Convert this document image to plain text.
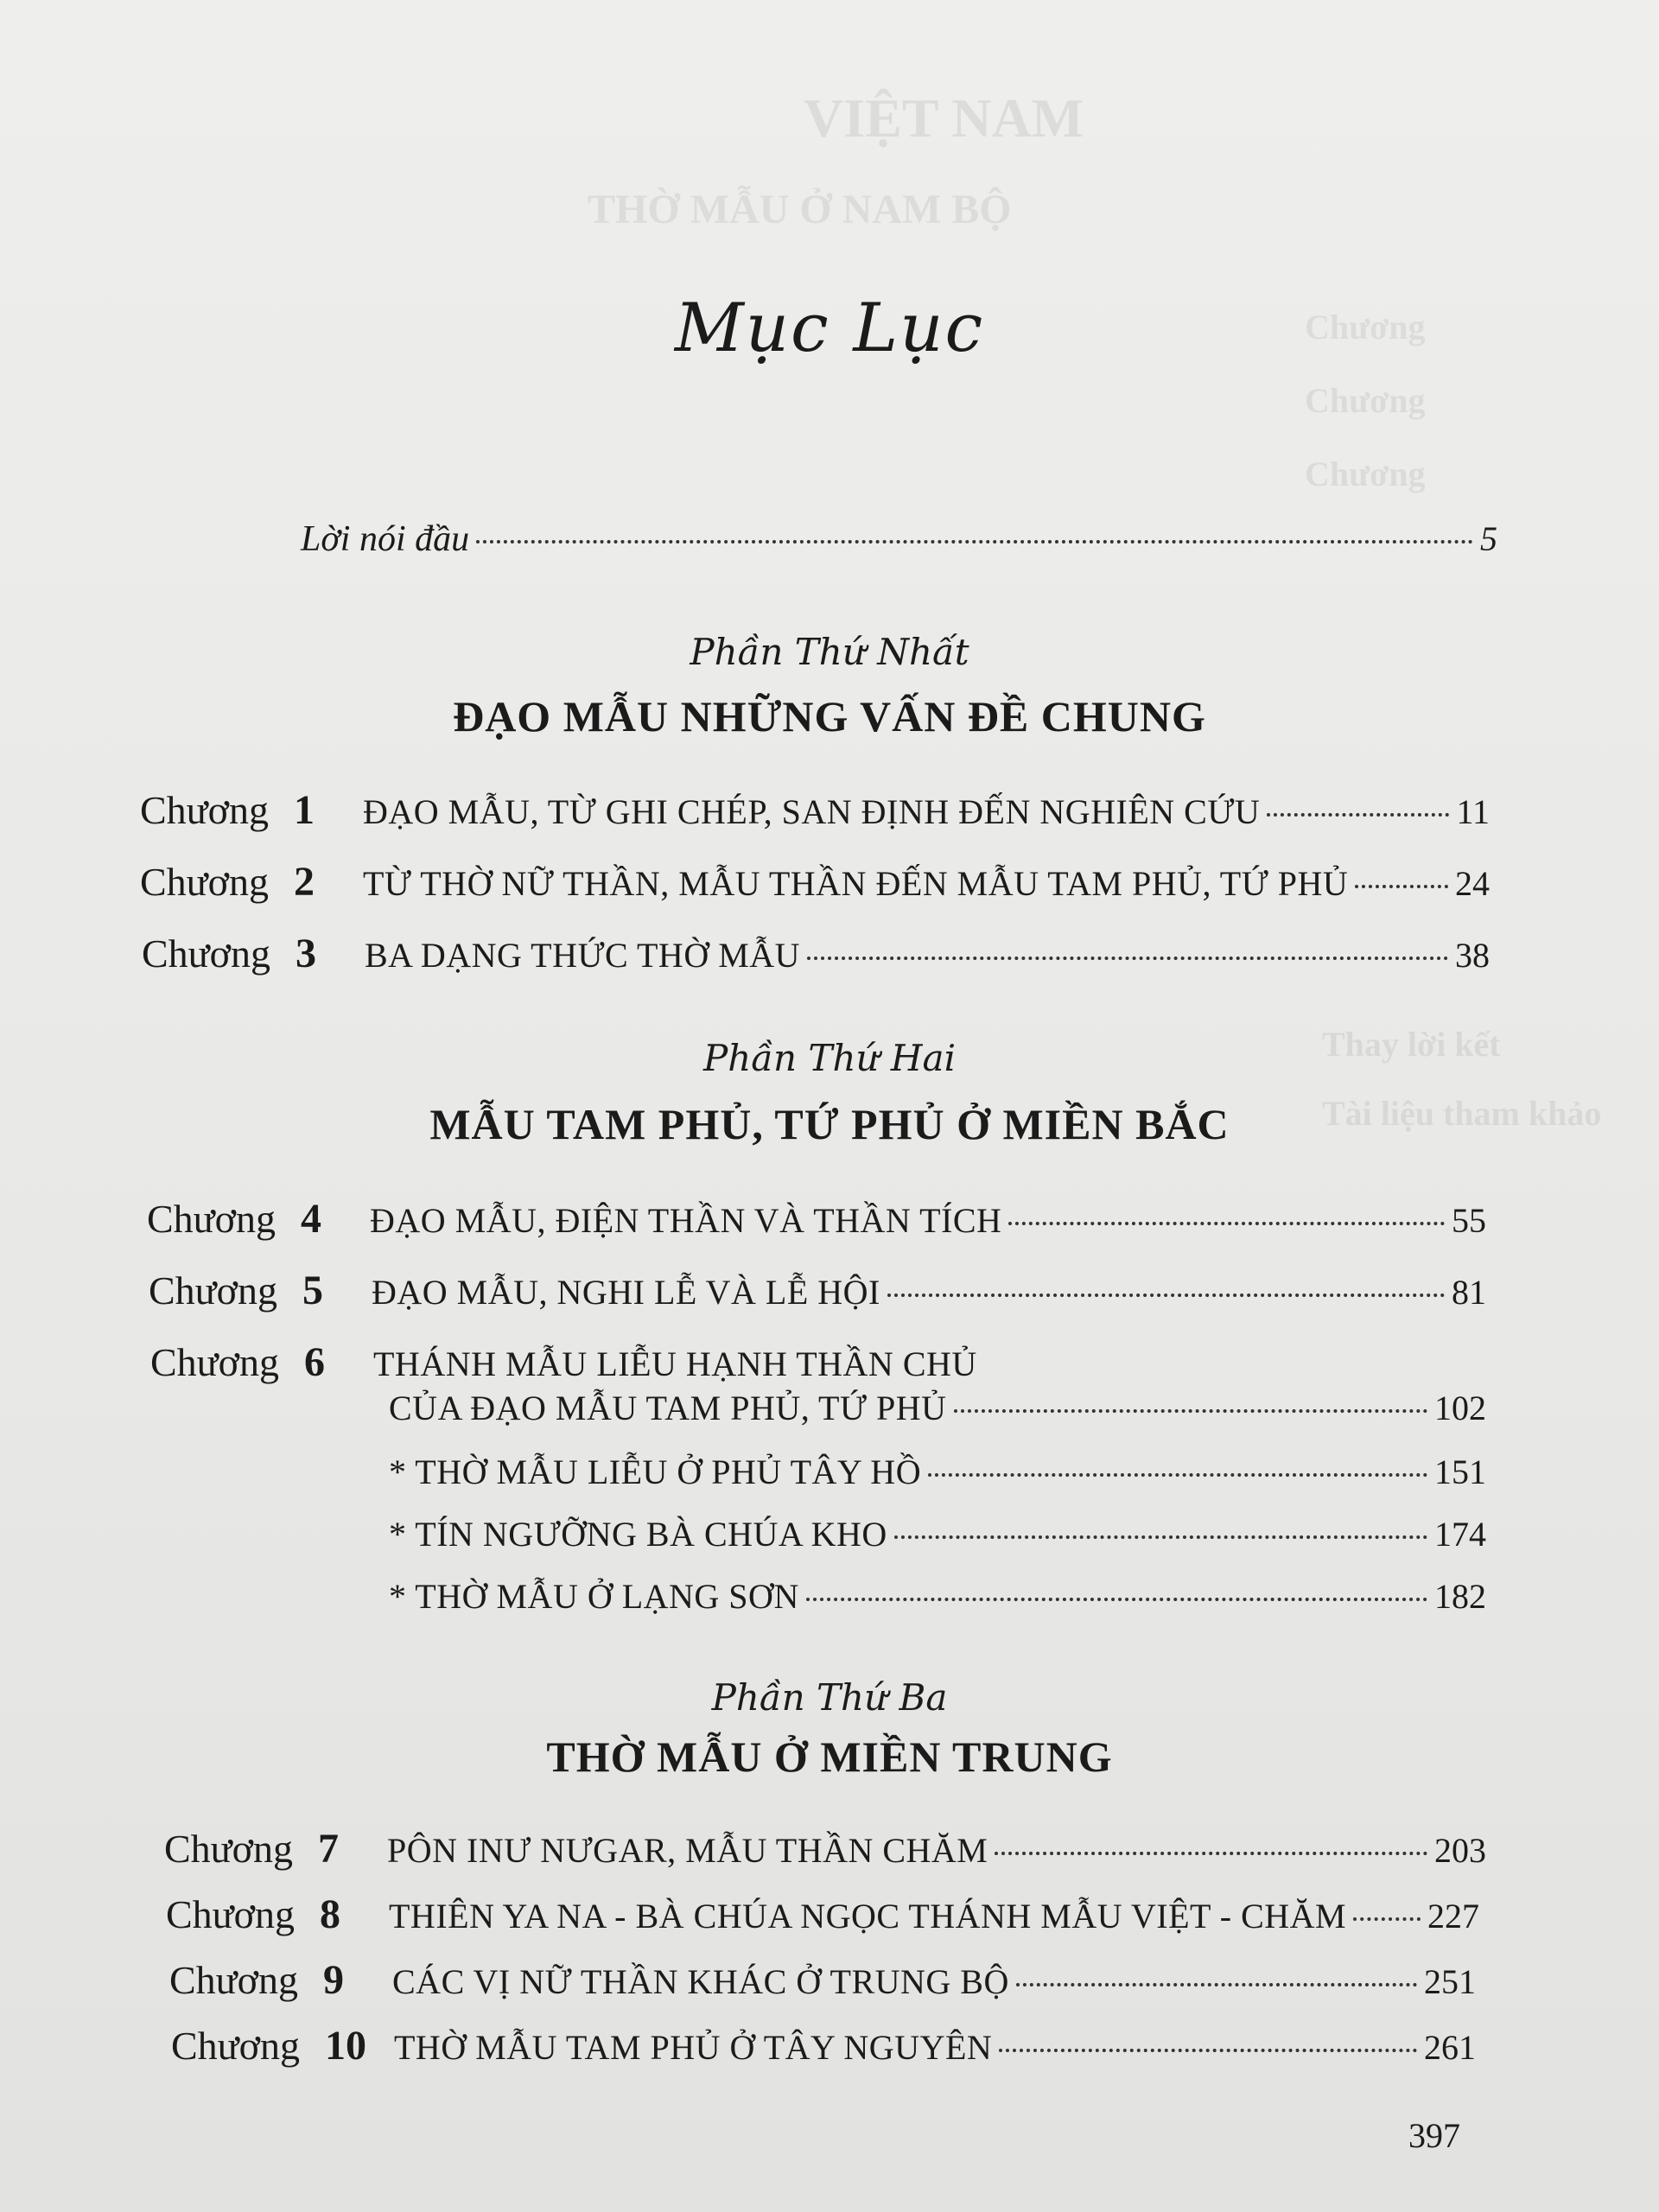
VIỆT NAM
THỜ MẪU Ở NAM BỘ
Chương
Chương
Chương
Thay lời kết
Tài liệu tham khảo
Mục Lục
Lời nói đầu	5
Phần Thứ Nhất
ĐẠO MẪU NHỮNG VẤN ĐỀ CHUNG
Chương 1	ĐẠO MẪU, TỪ GHI CHÉP, SAN ĐỊNH ĐẾN NGHIÊN CỨU	11
Chương 2	TỪ THỜ NỮ THẦN, MẪU THẦN ĐẾN MẪU TAM PHỦ, TỨ PHỦ	24
Chương 3	BA DẠNG THỨC THỜ MẪU	38
Phần Thứ Hai
MẪU TAM PHỦ, TỨ PHỦ Ở MIỀN BẮC
Chương 4	ĐẠO MẪU, ĐIỆN THẦN VÀ THẦN TÍCH	55
Chương 5	ĐẠO MẪU, NGHI LỄ VÀ LỄ HỘI	81
Chương 6	THÁNH MẪU LIỄU HẠNH THẦN CHỦ
CỦA ĐẠO MẪU TAM PHỦ, TỨ PHỦ	102
* THỜ MẪU LIỄU Ở PHỦ TÂY HỒ	151
* TÍN NGƯỠNG BÀ CHÚA KHO	174
* THỜ MẪU Ở LẠNG SƠN	182
Phần Thứ Ba
THỜ MẪU Ở MIỀN TRUNG
Chương 7	PÔN INƯ NƯGAR, MẪU THẦN CHĂM	203
Chương 8	THIÊN YA NA - BÀ CHÚA NGỌC THÁNH MẪU VIỆT - CHĂM 227
Chương 9	CÁC VỊ NỮ THẦN KHÁC Ở TRUNG BỘ	251
Chương 10 THỜ MẪU TAM PHỦ Ở TÂY NGUYÊN	261
397
